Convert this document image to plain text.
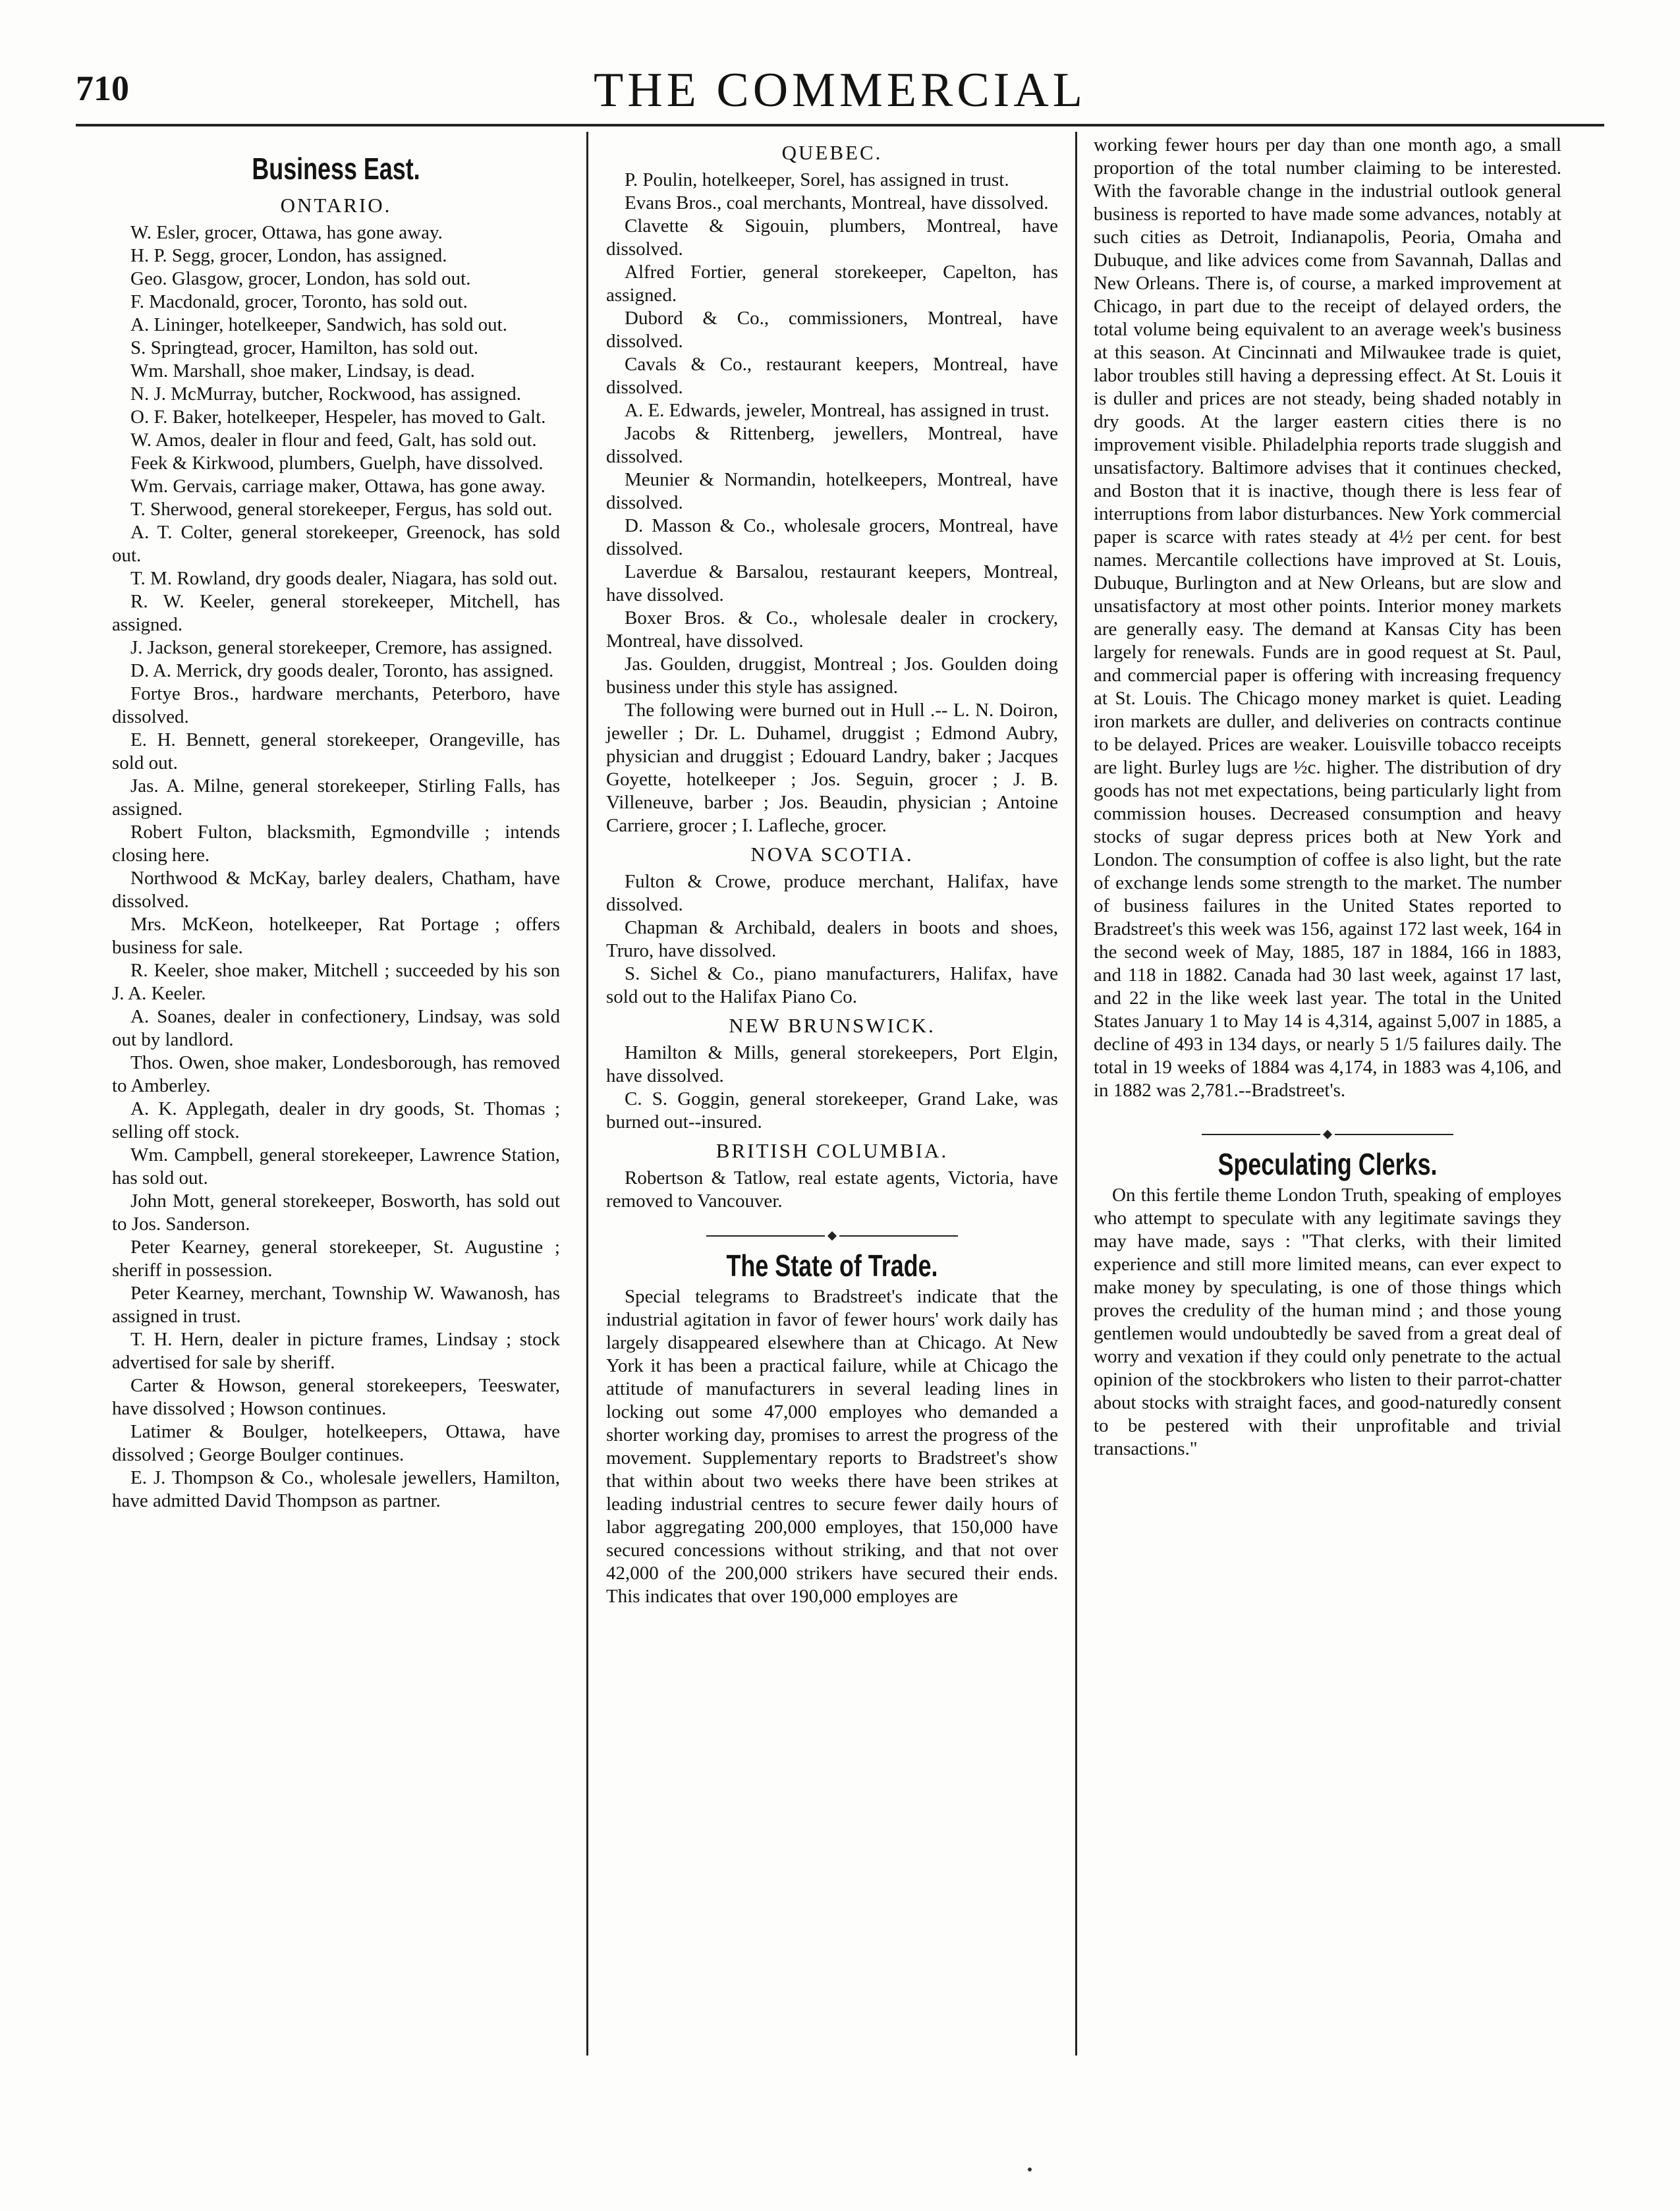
710	THE COMMERCIAL
Business East.
ONTARIO.

W. Esler, grocer, Ottawa, has gone away.

H. P. Segg, grocer, London, has assigned.

Geo. Glasgow, grocer, London, has sold out.

F. Macdonald, grocer, Toronto, has sold out.

A. Lininger, hotelkeeper, Sandwich, has sold out.

S. Springtead, grocer, Hamilton, has sold out.

Wm. Marshall, shoe maker, Lindsay, is dead.

N. J. McMurray, butcher, Rockwood, has assigned.

O. F. Baker, hotelkeeper, Hespeler, has moved to Galt.

W. Amos, dealer in flour and feed, Galt, has sold out.

Feek & Kirkwood, plumbers, Guelph, have dissolved.

Wm. Gervais, carriage maker, Ottawa, has gone away.

T. Sherwood, general storekeeper, Fergus, has sold out.

A. T. Colter, general storekeeper, Greenock, has sold out.

T. M. Rowland, dry goods dealer, Niagara, has sold out.

R. W. Keeler, general storekeeper, Mitchell, has assigned.

J. Jackson, general storekeeper, Cremore, has assigned.

D. A. Merrick, dry goods dealer, Toronto, has assigned.

Fortye Bros., hardware merchants, Peterboro, have dissolved.

E. H. Bennett, general storekeeper, Orangeville, has sold out.

Jas. A. Milne, general storekeeper, Stirling Falls, has assigned.

Robert Fulton, blacksmith, Egmondville ; intends closing here.

Northwood & McKay, barley dealers, Chatham, have dissolved.

Mrs. McKeon, hotelkeeper, Rat Portage ; offers business for sale.

R. Keeler, shoe maker, Mitchell ; succeeded by his son J. A. Keeler.

A. Soanes, dealer in confectionery, Lindsay, was sold out by landlord.

Thos. Owen, shoe maker, Londesborough, has removed to Amberley.

A. K. Applegath, dealer in dry goods, St. Thomas ; selling off stock.

Wm. Campbell, general storekeeper, Lawrence Station, has sold out.

John Mott, general storekeeper, Bosworth, has sold out to Jos. Sanderson.

Peter Kearney, general storekeeper, St. Augustine ; sheriff in possession.

Peter Kearney, merchant, Township W. Wawanosh, has assigned in trust.

T. H. Hern, dealer in picture frames, Lindsay ; stock advertised for sale by sheriff.

Carter & Howson, general storekeepers, Teeswater, have dissolved ; Howson continues.

Latimer & Boulger, hotelkeepers, Ottawa, have dissolved ; George Boulger continues.

E. J. Thompson & Co., wholesale jewellers, Hamilton, have admitted David Thompson as partner.

QUEBEC.

P. Poulin, hotelkeeper, Sorel, has assigned in trust.

Evans Bros., coal merchants, Montreal, have dissolved.

Clavette & Sigouin, plumbers, Montreal, have dissolved.

Alfred Fortier, general storekeeper, Capelton, has assigned.

Dubord & Co., commissioners, Montreal, have dissolved.

Cavals & Co., restaurant keepers, Montreal, have dissolved.

A. E. Edwards, jeweler, Montreal, has assigned in trust.

Jacobs & Rittenberg, jewellers, Montreal, have dissolved.

Meunier & Normandin, hotelkeepers, Montreal, have dissolved.

D. Masson & Co., wholesale grocers, Montreal, have dissolved.

Laverdue & Barsalou, restaurant keepers, Montreal, have dissolved.

Boxer Bros. & Co., wholesale dealer in crockery, Montreal, have dissolved.

Jas. Goulden, druggist, Montreal ; Jos. Goulden doing business under this style has assigned.

The following were burned out in Hull .-- L. N. Doiron, jeweller ; Dr. L. Duhamel, druggist ; Edmond Aubry, physician and druggist ; Edouard Landry, baker ; Jacques Goyette, hotelkeeper ; Jos. Seguin, grocer ; J. B. Villeneuve, barber ; Jos. Beaudin, physician ; Antoine Carriere, grocer ; I. Lafleche, grocer.

NOVA SCOTIA.

Fulton & Crowe, produce merchant, Halifax, have dissolved.

Chapman & Archibald, dealers in boots and shoes, Truro, have dissolved.

S. Sichel & Co., piano manufacturers, Halifax, have sold out to the Halifax Piano Co.

NEW BRUNSWICK.

Hamilton & Mills, general storekeepers, Port Elgin, have dissolved.

C. S. Goggin, general storekeeper, Grand Lake, was burned out--insured.

BRITISH COLUMBIA.

Robertson & Tatlow, real estate agents, Victoria, have removed to Vancouver.

The State of Trade.

Special telegrams to Bradstreet's indicate that the industrial agitation in favor of fewer hours' work daily has largely disappeared elsewhere than at Chicago. At New York it has been a practical failure, while at Chicago the attitude of manufacturers in several leading lines in locking out some 47,000 employes who demanded a shorter working day, promises to arrest the progress of the movement. Supplementary reports to Bradstreet's show that within about two weeks there have been strikes at leading industrial centres to secure fewer daily hours of labor aggregating 200,000 employes, that 150,000 have secured concessions without striking, and that not over 42,000 of the 200,000 strikers have secured their ends. This indicates that over 190,000 employes are

working fewer hours per day than one month ago, a small proportion of the total number claiming to be interested. With the favorable change in the industrial outlook general business is reported to have made some advances, notably at such cities as Detroit, Indianapolis, Peoria, Omaha and Dubuque, and like advices come from Savannah, Dallas and New Orleans. There is, of course, a marked improvement at Chicago, in part due to the receipt of delayed orders, the total volume being equivalent to an average week's business at this season. At Cincinnati and Milwaukee trade is quiet, labor troubles still having a depressing effect. At St. Louis it is duller and prices are not steady, being shaded notably in dry goods. At the larger eastern cities there is no improvement visible. Philadelphia reports trade sluggish and unsatisfactory. Baltimore advises that it continues checked, and Boston that it is inactive, though there is less fear of interruptions from labor disturbances. New York commercial paper is scarce with rates steady at 4½ per cent. for best names. Mercantile collections have improved at St. Louis, Dubuque, Burlington and at New Orleans, but are slow and unsatisfactory at most other points. Interior money markets are generally easy. The demand at Kansas City has been largely for renewals. Funds are in good request at St. Paul, and commercial paper is offering with increasing frequency at St. Louis. The Chicago money market is quiet. Leading iron markets are duller, and deliveries on contracts continue to be delayed. Prices are weaker. Louisville tobacco receipts are light. Burley lugs are ½c. higher. The distribution of dry goods has not met expectations, being particularly light from commission houses. Decreased consumption and heavy stocks of sugar depress prices both at New York and London. The consumption of coffee is also light, but the rate of exchange lends some strength to the market. The number of business failures in the United States reported to Bradstreet's this week was 156, against 172 last week, 164 in the second week of May, 1885, 187 in 1884, 166 in 1883, and 118 in 1882. Canada had 30 last week, against 17 last, and 22 in the like week last year. The total in the United States January 1 to May 14 is 4,314, against 5,007 in 1885, a decline of 493 in 134 days, or nearly 5 1/5 failures daily. The total in 19 weeks of 1884 was 4,174, in 1883 was 4,106, and in 1882 was 2,781.--Bradstreet's.

Speculating Clerks.

On this fertile theme London Truth, speaking of employes who attempt to speculate with any legitimate savings they may have made, says : "That clerks, with their limited experience and still more limited means, can ever expect to make money by speculating, is one of those things which proves the credulity of the human mind ; and those young gentlemen would undoubtedly be saved from a great deal of worry and vexation if they could only penetrate to the actual opinion of the stockbrokers who listen to their parrot-chatter about stocks with straight faces, and good-naturedly consent to be pestered with their unprofitable and trivial transactions."
